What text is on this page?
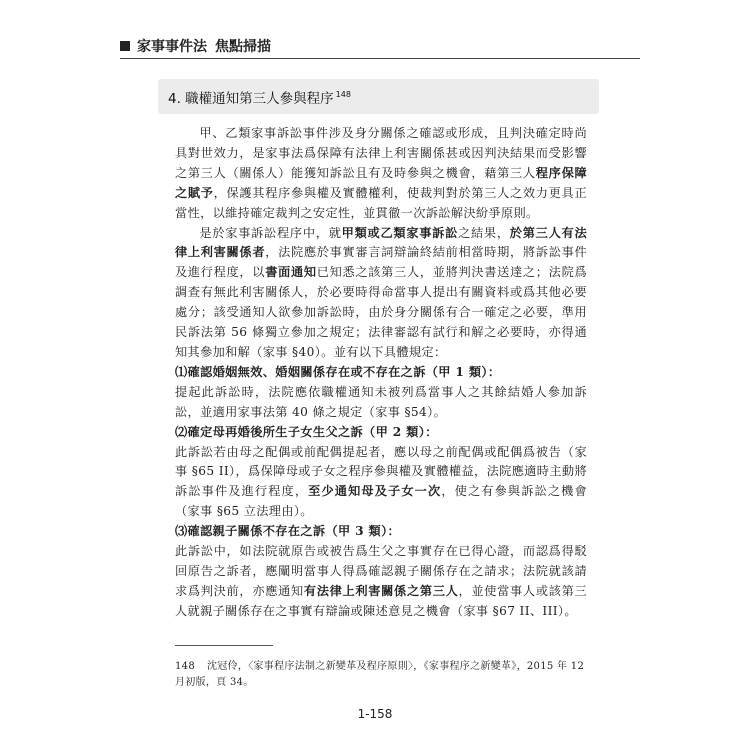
家事事件法 焦點掃描
4. 職權通知第三人參與程序 $^{148}$

甲、乙類家事訴訟事件涉及身分關係之確認或形成，且判決確定時尚具對世效力，是家事法爲保障有法律上利害關係甚或因判決結果而受影響之第三人（關係人）能獲知訴訟且有及時參與之機會，藉第三人程序保障之賦予，保護其程序參與權及實體權利，使裁判對於第三人之效力更具正當性，以維持確定裁判之安定性，並貫徹一次訴訟解決紛爭原則。

是於家事訴訟程序中，就甲類或乙類家事訴訟之結果，於第三人有法律上利害關係者，法院應於事實審言詞辯論終結前相當時期，將訴訟事件及進行程度，以書面通知已知悉之該第三人，並將判決書送達之；法院爲調查有無此利害關係人，於必要時得命當事人提出有關資料或爲其他必要處分；該受通知人欲參加訴訟時，由於身分關係有合一確定之必要，準用民訴法第 56 條獨立參加之規定；法律審認有試行和解之必要時，亦得通知其參加和解（家事 §40）。並有以下具體規定：

⑴確認婚姻無效、婚姻關係存在或不存在之訴（甲 1 類）：

提起此訴訟時，法院應依職權通知未被列爲當事人之其餘結婚人參加訴訟，並適用家事法第 40 條之規定（家事 §54）。

⑵確定母再婚後所生子女生父之訴（甲 2 類）：

此訴訟若由母之配偶或前配偶提起者，應以母之前配偶或配偶爲被告（家事 §65 II），爲保障母或子女之程序參與權及實體權益，法院應適時主動將訴訟事件及進行程度，至少通知母及子女一次，使之有參與訴訟之機會（家事 §65 立法理由）。

⑶確認親子關係不存在之訴（甲 3 類）：

此訴訟中，如法院就原告或被告爲生父之事實存在已得心證，而認爲得駁回原告之訴者，應闡明當事人得爲確認親子關係存在之請求；法院就該請求爲判決前，亦應通知有法律上利害關係之第三人，並使當事人或該第三人就親子關係存在之事實有辯論或陳述意見之機會（家事 §67 II、III）。

148 沈冠伶，〈家事程序法制之新變革及程序原則〉，《家事程序之新變革》，2015 年 12 月初版，頁 34。
1-158
